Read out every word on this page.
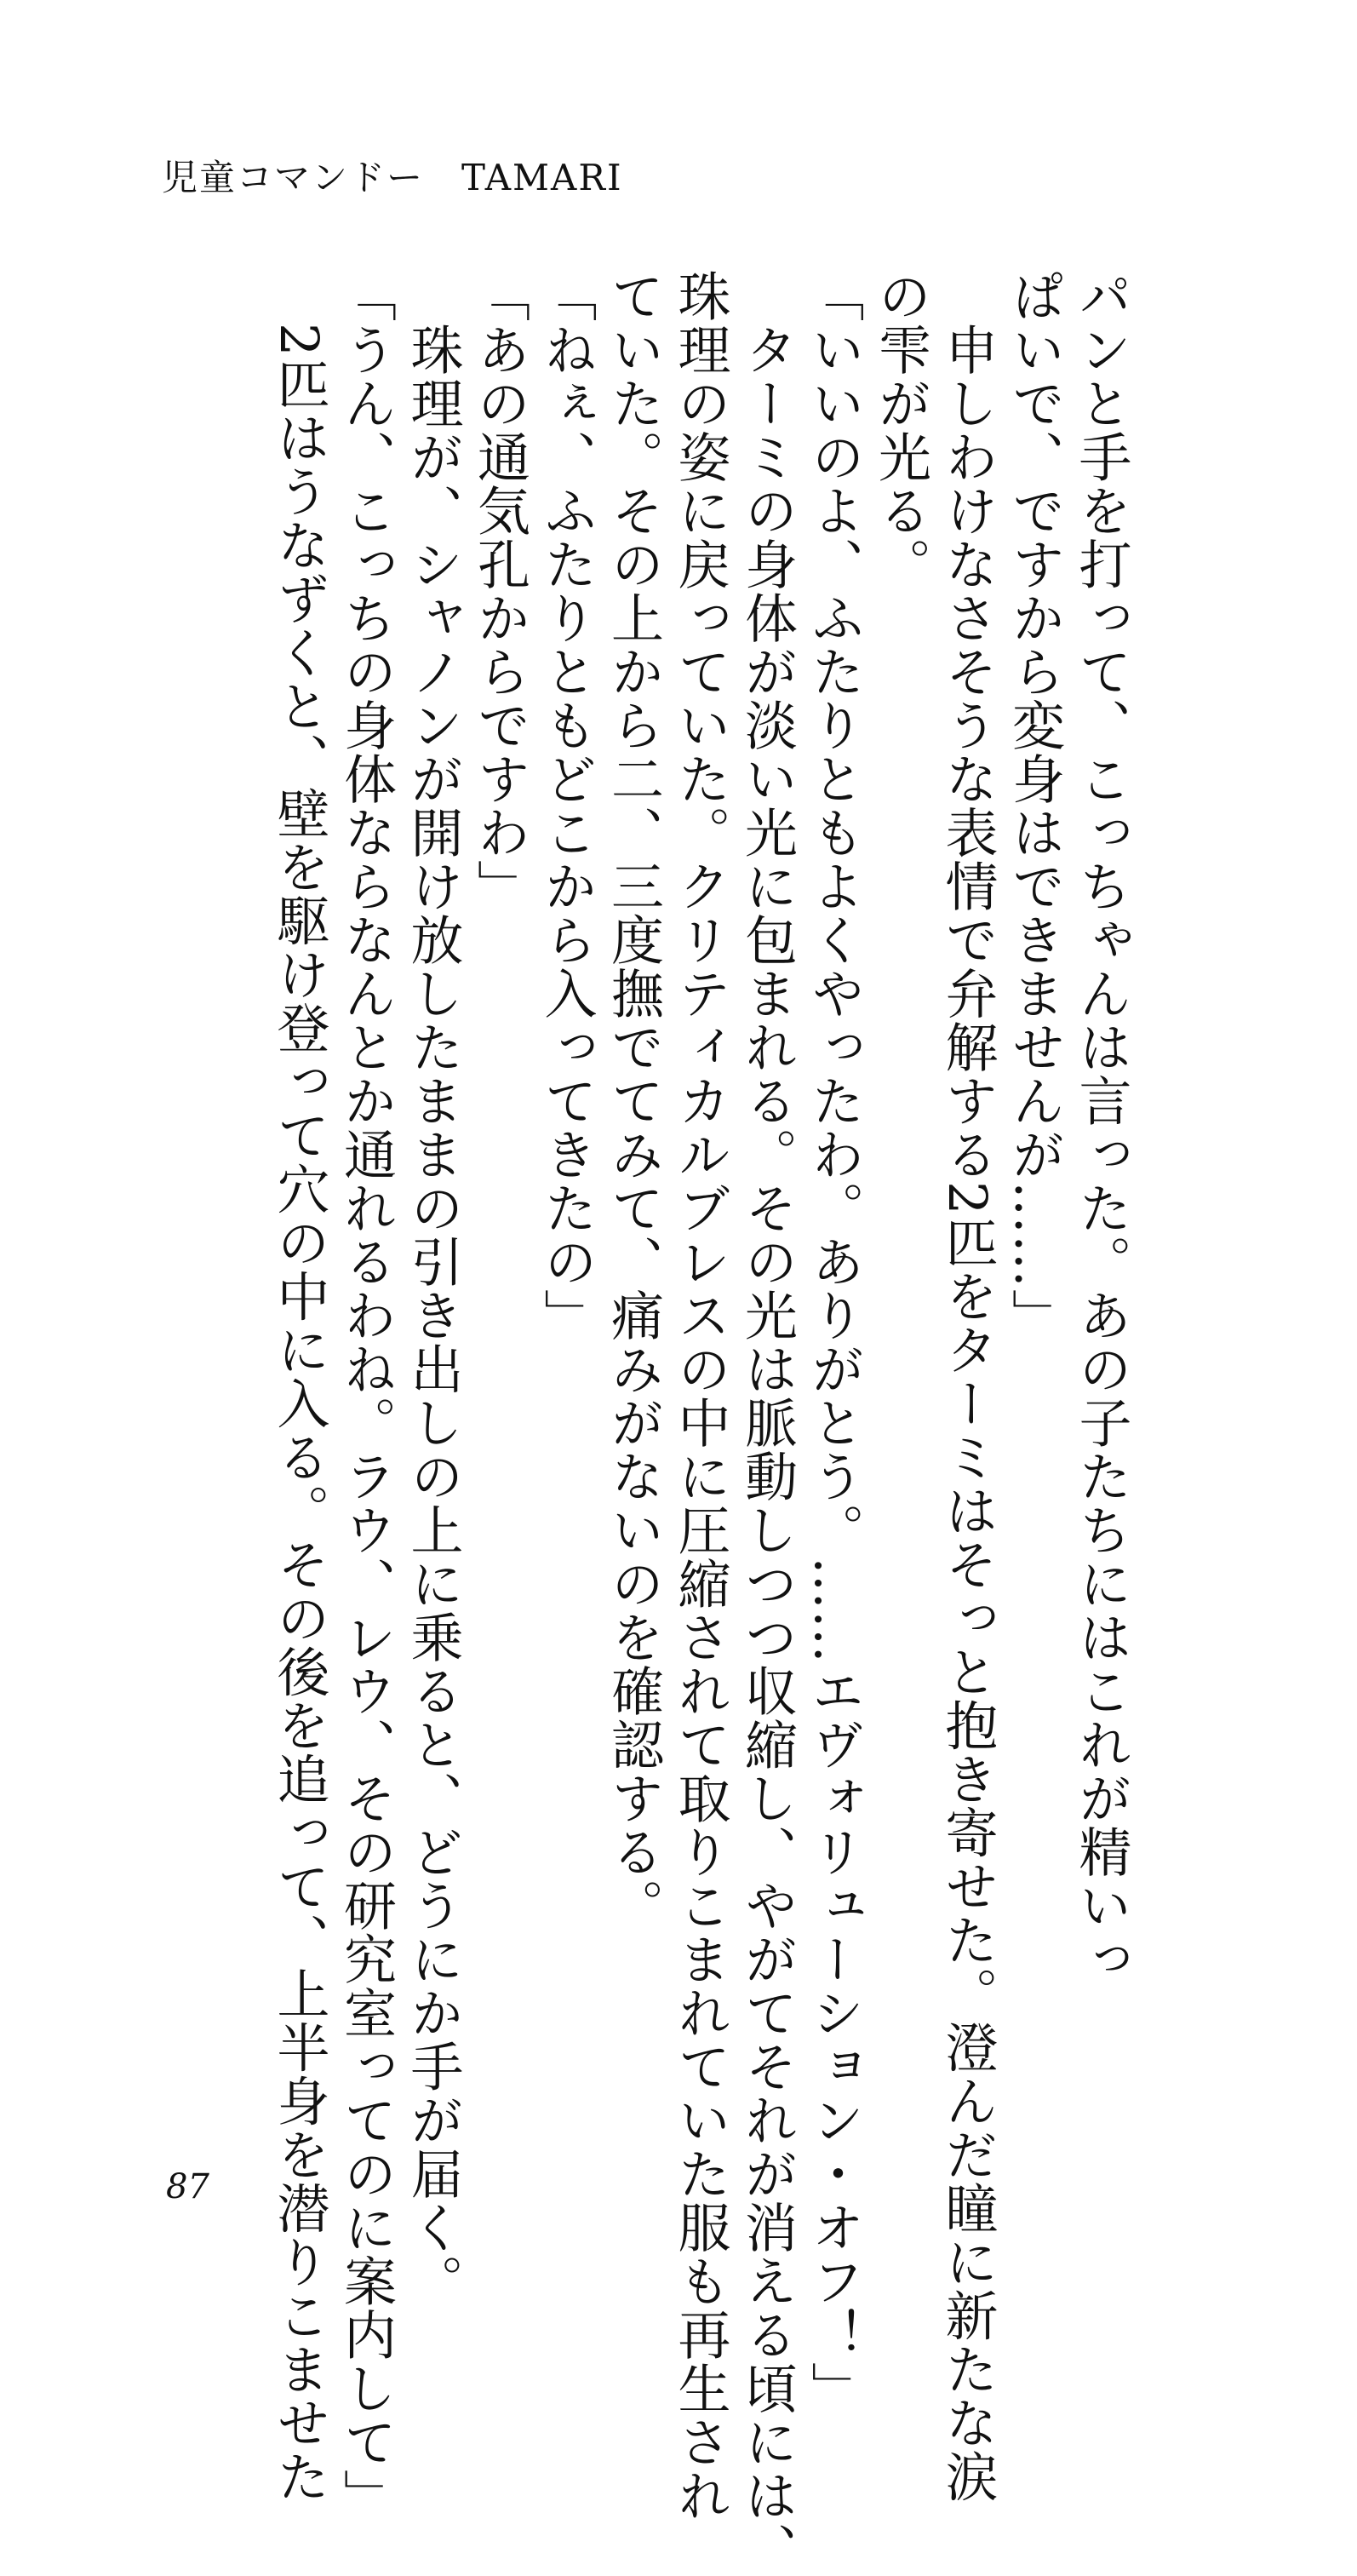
児童コマンドー　TAMARI
パンと手を打って、こっちゃんは言った。あの子たちにはこれが精いっ
ぱいで、ですから変身はできませんが……」
　申しわけなさそうな表情で弁解する2匹をターミはそっと抱き寄せた。澄んだ瞳に新たな涙
の雫が光る。
「いいのよ、ふたりともよくやったわ。ありがとう。……エヴォリューション・オフ！」
　ターミの身体が淡い光に包まれる。その光は脈動しつつ収縮し、やがてそれが消える頃には、
珠理の姿に戻っていた。クリティカルブレスの中に圧縮されて取りこまれていた服も再生され
ていた。その上から二、三度撫でてみて、痛みがないのを確認する。
「ねぇ、ふたりともどこから入ってきたの」
「あの通気孔からですわ」
　珠理が、シャノンが開け放したままの引き出しの上に乗ると、どうにか手が届く。
「うん、こっちの身体ならなんとか通れるわね。ラウ、レウ、その研究室ってのに案内して」
　2匹はうなずくと、壁を駆け登って穴の中に入る。その後を追って、上半身を潜りこませた
87
